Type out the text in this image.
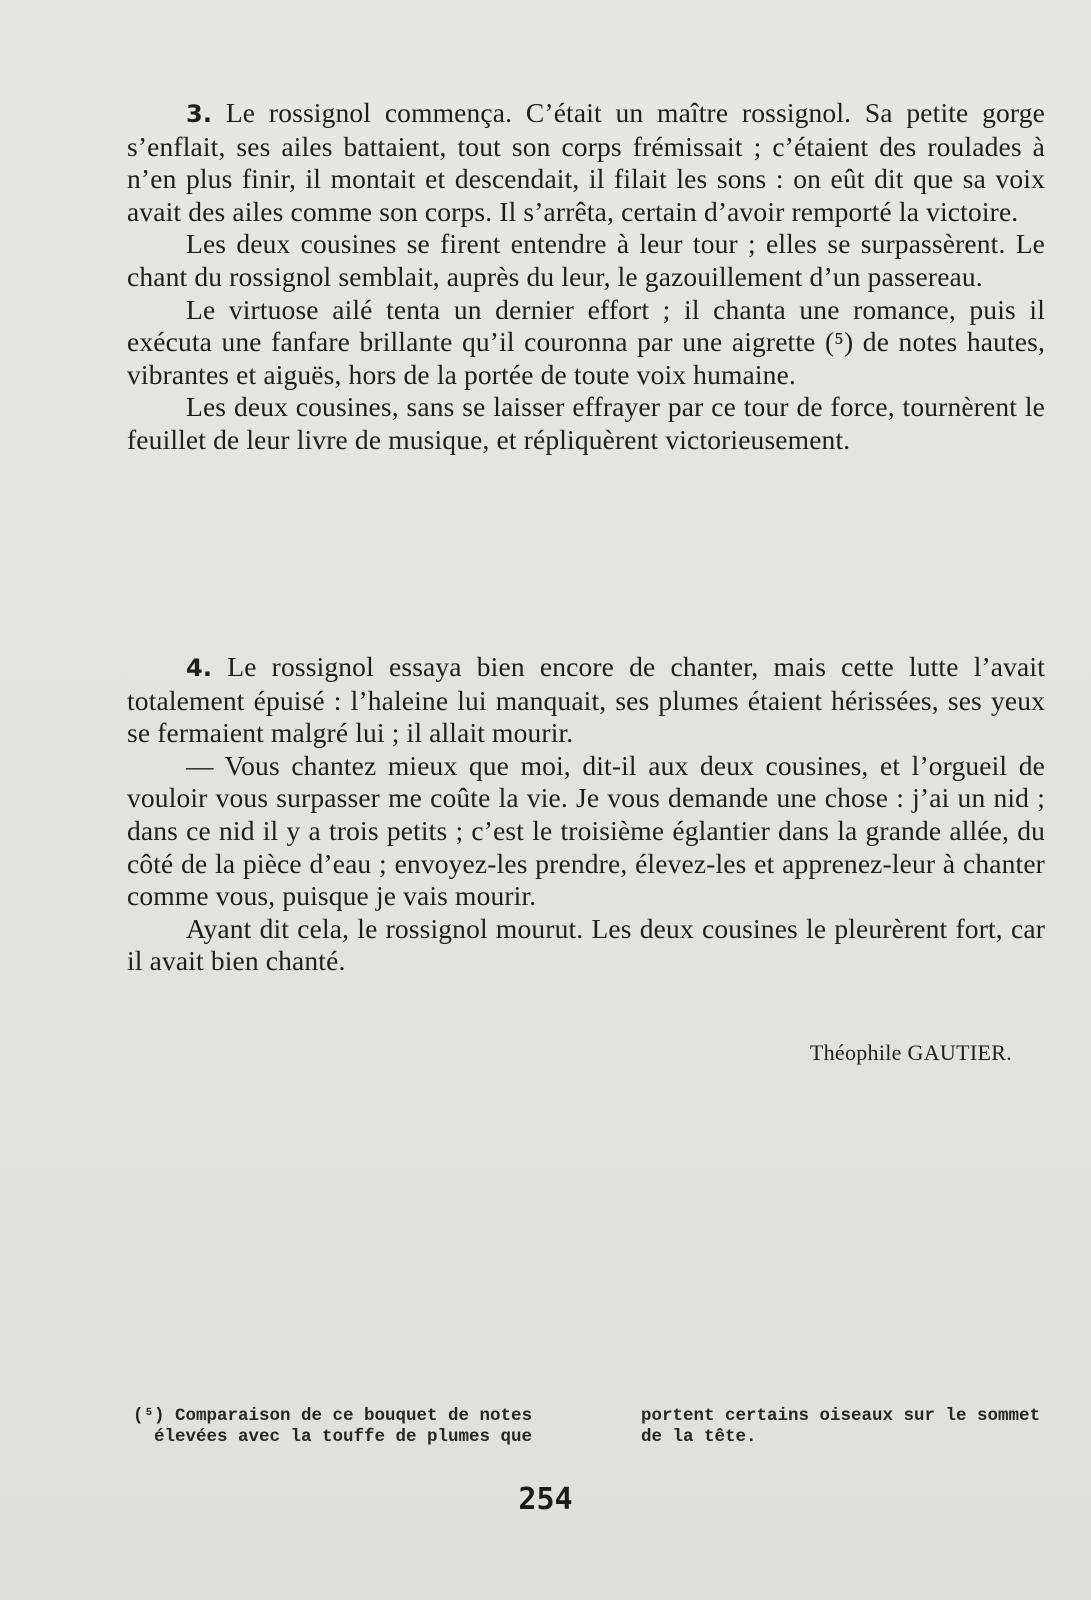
3. Le rossignol commença. C’était un maître rossignol. Sa petite gorge s’enflait, ses ailes battaient, tout son corps frémissait ; c’étaient des roulades à n’en plus finir, il montait et descendait, il filait les sons : on eût dit que sa voix avait des ailes comme son corps. Il s’arrêta, certain d’avoir remporté la victoire.

Les deux cousines se firent entendre à leur tour ; elles se surpassèrent. Le chant du rossignol semblait, auprès du leur, le gazouillement d’un passereau.

Le virtuose ailé tenta un dernier effort ; il chanta une romance, puis il exécuta une fanfare brillante qu’il couronna par une aigrette (⁵) de notes hautes, vibrantes et aiguës, hors de la portée de toute voix humaine.

Les deux cousines, sans se laisser effrayer par ce tour de force, tournèrent le feuillet de leur livre de musique, et répliquèrent victorieusement.

4. Le rossignol essaya bien encore de chanter, mais cette lutte l’avait totalement épuisé : l’haleine lui manquait, ses plumes étaient hérissées, ses yeux se fermaient malgré lui ; il allait mourir.

— Vous chantez mieux que moi, dit-il aux deux cousines, et l’orgueil de vouloir vous surpasser me coûte la vie. Je vous demande une chose : j’ai un nid ; dans ce nid il y a trois petits ; c’est le troisième églantier dans la grande allée, du côté de la pièce d’eau ; envoyez-les prendre, élevez-les et apprenez-leur à chanter comme vous, puisque je vais mourir.

Ayant dit cela, le rossignol mourut. Les deux cousines le pleurèrent fort, car il avait bien chanté.

Théophile GAUTIER.
(⁵) Comparaison de ce bouquet de notes
élevées avec la touffe de plumes que
portent certains oiseaux sur le sommet
de la tête.
254
